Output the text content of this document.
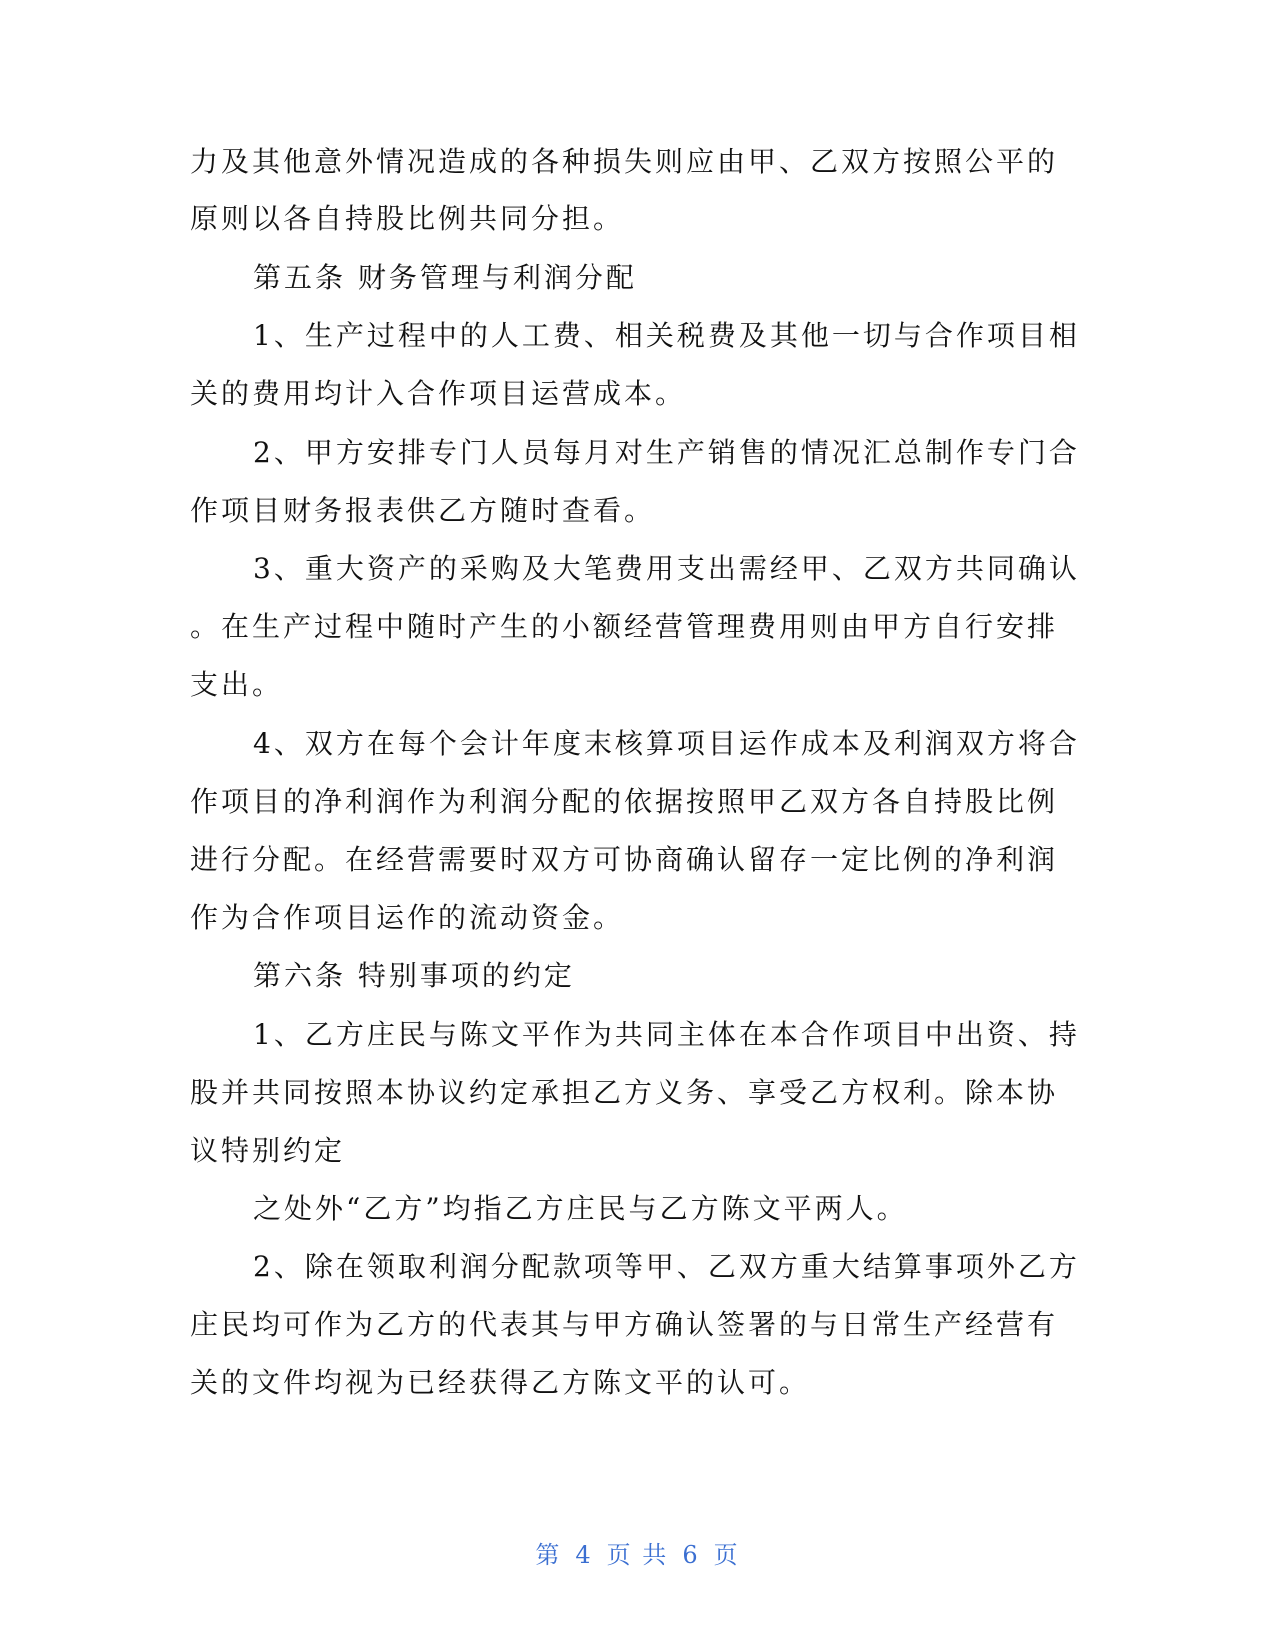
力及其他意外情况造成的各种损失则应由甲、乙双方按照公平的

原则以各自持股比例共同分担。

第五条 财务管理与利润分配

1、生产过程中的人工费、相关税费及其他一切与合作项目相

关的费用均计入合作项目运营成本。

2、甲方安排专门人员每月对生产销售的情况汇总制作专门合

作项目财务报表供乙方随时查看。

3、重大资产的采购及大笔费用支出需经甲、乙双方共同确认

。在生产过程中随时产生的小额经营管理费用则由甲方自行安排

支出。

4、双方在每个会计年度末核算项目运作成本及利润双方将合

作项目的净利润作为利润分配的依据按照甲乙双方各自持股比例

进行分配。在经营需要时双方可协商确认留存一定比例的净利润

作为合作项目运作的流动资金。

第六条 特别事项的约定

1、乙方庄民与陈文平作为共同主体在本合作项目中出资、持

股并共同按照本协议约定承担乙方义务、享受乙方权利。除本协

议特别约定

之处外“乙方”均指乙方庄民与乙方陈文平两人。

2、除在领取利润分配款项等甲、乙双方重大结算事项外乙方

庄民均可作为乙方的代表其与甲方确认签署的与日常生产经营有

关的文件均视为已经获得乙方陈文平的认可。

第 4 页 共 6 页
